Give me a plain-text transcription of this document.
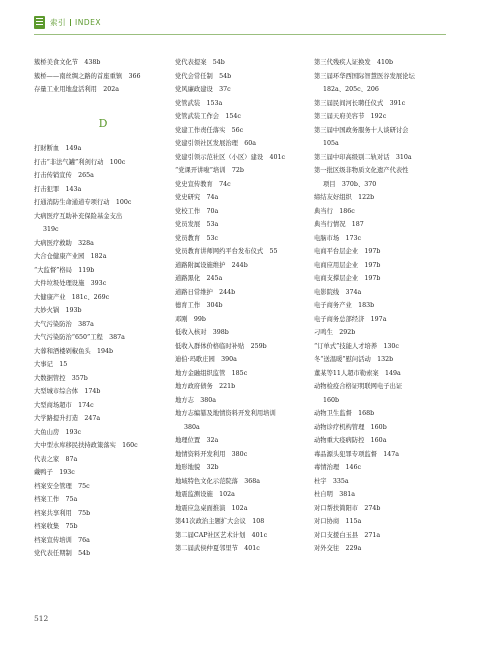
索引 INDEX
簇桥美食文化节　438b
簇桥——南丝绸之路的首座重镇　366
存量工业用地盘活利用　202a
D
打財断血　149a
打击“非法气罐”利剑行动　100c
打击传销宣传　265a
打击犯罪　143a
打通消防生命通道专项行动　100c
大病医疗互助补充保险基金支出
319c
大病医疗救助　328a
大合仓健康产业园　182a
“大监督”格局　119b
大件垃圾处理设施　393c
大健康产业　181c、269c
大妙火锅　193b
大气污染防治　387a
大气污染防治“650”工程　387a
大蓉和酒楼剁椒鱼头　194b
大事记　15
大数据管控　357b
大型城市综合体　174b
大型商场超市　174c
大学路提升打造　247a
大鱼山房　193c
大中型水库移民扶持政策落实　160c
代表之家　87a
戴鸭子　193c
档案安全管理　75c
档案工作　75a
档案共享利用　75b
档案收集　75b
档案宣传培训　76a
党代表任期制　54b
党代表提案　54b
党代会常任制　54b
党风廉政建设　37c
党管武装　153a
党管武装工作会　154c
党建工作责任落实　56c
党建引领社区发展治理　60a
党建引领示范社区（小区）建设　401c
“党课开讲啦”培训　72b
党史宣传教育　74c
党史研究　74a
党校工作　70a
党员发展　53a
党员教育　53c
党员教育讲师网约平台发布仪式　55
道路附属设施维护　244b
道路黑化　245a
道路日常维护　244b
德育工作　304b
邓刚　99b
低收入核对　398b
低收入群体价格临时补贴　259b
迪伯·玛歌庄园　390a
地方金融组织监管　185c
地方政府债务　221b
地方志　380a
地方志编纂及地情资料开发利用培训
380a
地理位置　32a
地情资料开发利用　380c
地形地貌　32b
地域特色文化示范院落　368a
地震监测设施　102a
地震应急桌面推演　102a
第41次政治主题扩大会议　108
第二届CAP社区艺术计划　401c
第二届武侯仲夏邻里节　401c
第三代残疾人证换发　410b
第三届环华西国际智慧医谷发展论坛
182a、205c、206
第三届民间河长聘任仪式　391c
第三届天府美容节　192c
第三届中国政务服务十人谈研讨会
105a
第三届中印高级别二轨对话　310a
第一批区级非物质文化遗产代表性
项目　370b、370
缔结友好组织　122b
典当行　186c
典当行情况　187
电脑市场　173c
电商平台层企业　197b
电商应用层企业　197b
电商支撑层企业　197b
电影院线　374a
电子商务产业　183b
电子商务总部经济　197a
刁鸣生　292b
“订单式”技能人才培养　130c
冬“送温暖”慰问活动　132b
董某等11人超市勒索案　149a
动物检疫合格证明联网电子出证
160b
动物卫生监督　168b
动物诊疗机构管理　160b
动物重大疫病防控　160a
毒品源头犯罪专项监督　147a
毒情治理　146c
杜宇　335a
杜自明　381a
对口帮扶简阳市　274b
对口协商　115a
对口支援白玉县　271a
对外交往　229a
512
